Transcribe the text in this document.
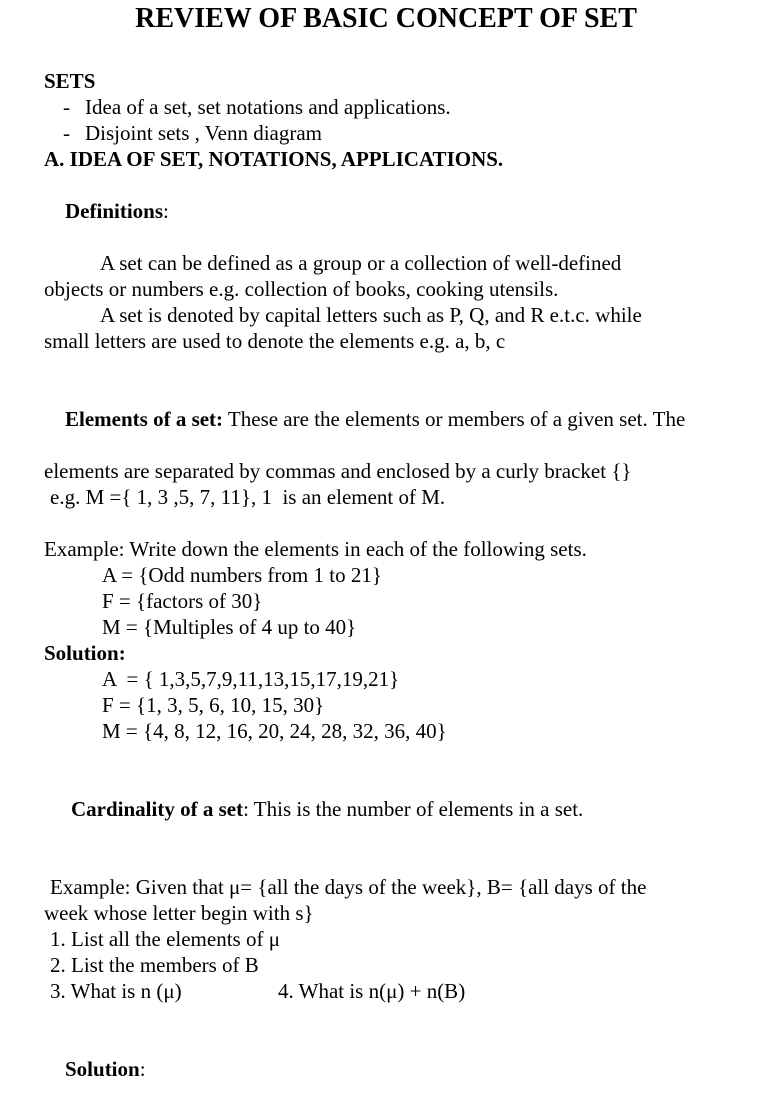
REVIEW OF BASIC CONCEPT OF SET
SETS
- Idea of a set, set notations and applications.
- Disjoint sets , Venn diagram
A. IDEA OF SET, NOTATIONS, APPLICATIONS.

Definitions:

A set can be defined as a group or a collection of well-defined
objects or numbers e.g. collection of books, cooking utensils.
A set is denoted by capital letters such as P, Q, and R e.t.c. while
small letters are used to denote the elements e.g. a, b, c

Elements of a set: These are the elements or members of a given set. The

elements are separated by commas and enclosed by a curly bracket {}
e.g. M ={ 1, 3 ,5, 7, 11}, 1  is an element of M.
Example: Write down the elements in each of the following sets.
A = {Odd numbers from 1 to 21}
F = {factors of 30}
M = {Multiples of 4 up to 40}
Solution:
A  = { 1,3,5,7,9,11,13,15,17,19,21}
F = {1, 3, 5, 6, 10, 15, 30}
M = {4, 8, 12, 16, 20, 24, 28, 32, 36, 40}

Cardinality of a set: This is the number of elements in a set.

Example: Given that μ= {all the days of the week}, B= {all days of the
week whose letter begin with s}
1. List all the elements of μ
2. List the members of B
3. What is n (μ)	4. What is n(μ) + n(B)

Solution:
